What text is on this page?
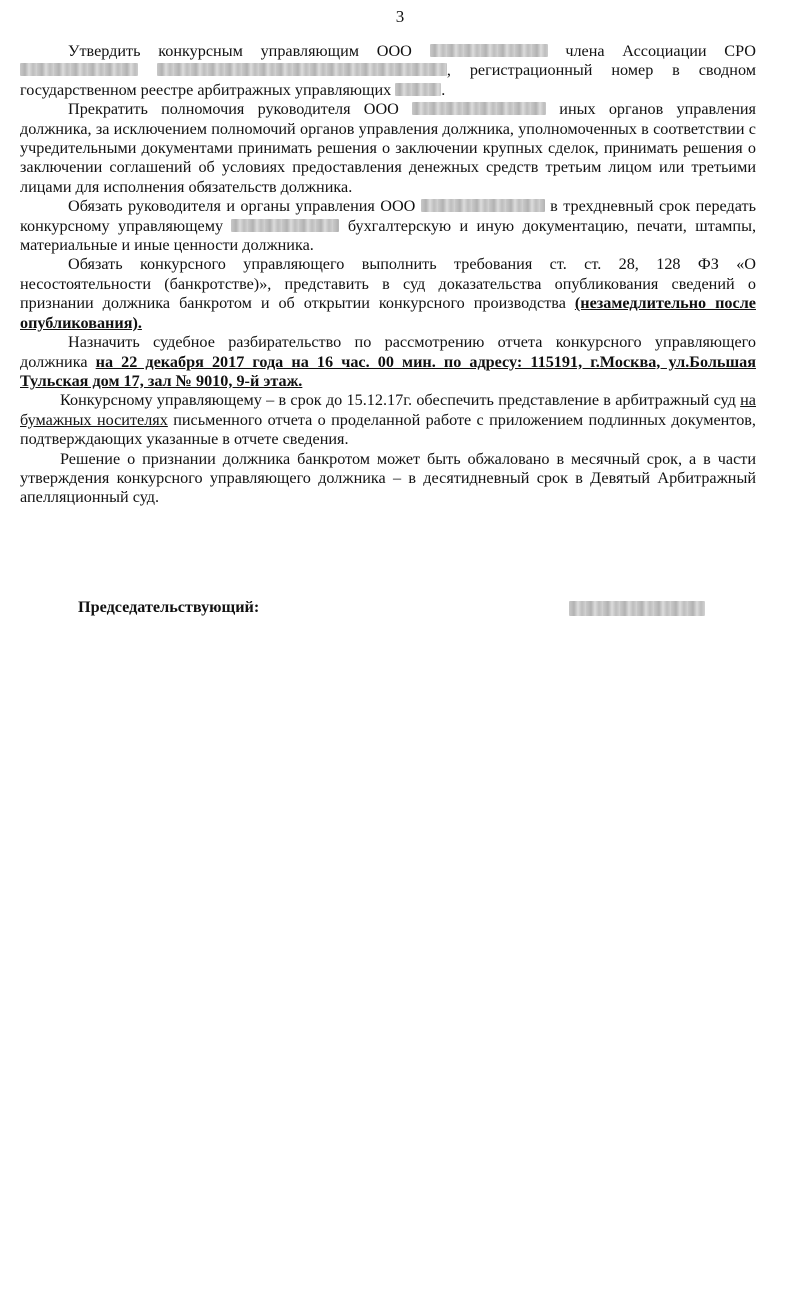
3

Утвердить конкурсным управляющим ООО	члена Ассоциации СРО  , регистрационный номер в сводном государственном реестре арбитражных управляющих	.

Прекратить полномочия руководителя ООО	иных органов управления должника, за исключением полномочий органов управления должника, уполномоченных в соответствии с учредительными документами принимать решения о заключении крупных сделок, принимать решения о заключении соглашений об условиях предоставления денежных средств третьим лицом или третьими лицами для исполнения обязательств должника.

Обязать руководителя и органы управления ООО	в трехдневный срок передать конкурсному управляющему	бухгалтерскую и иную документацию, печати, штампы, материальные и иные ценности должника.

Обязать конкурсного управляющего выполнить требования ст. ст. 28, 128 ФЗ «О несостоятельности (банкротстве)», представить в суд доказательства опубликования сведений о признании должника банкротом и об открытии конкурсного производства (незамедлительно после опубликования).

Назначить судебное разбирательство по рассмотрению отчета конкурсного управляющего должника на 22 декабря 2017 года на 16 час. 00 мин. по адресу: 115191, г.Москва, ул.Большая Тульская дом 17, зал № 9010, 9-й этаж.

Конкурсному управляющему – в срок до 15.12.17г. обеспечить представление в арбитражный суд на бумажных носителях письменного отчета о проделанной работе с приложением подлинных документов, подтверждающих указанные в отчете сведения.

Решение о признании должника банкротом может быть обжаловано в месячный срок, а в части утверждения конкурсного управляющего должника – в десятидневный срок в Девятый Арбитражный апелляционный суд.

Председательствующий:
